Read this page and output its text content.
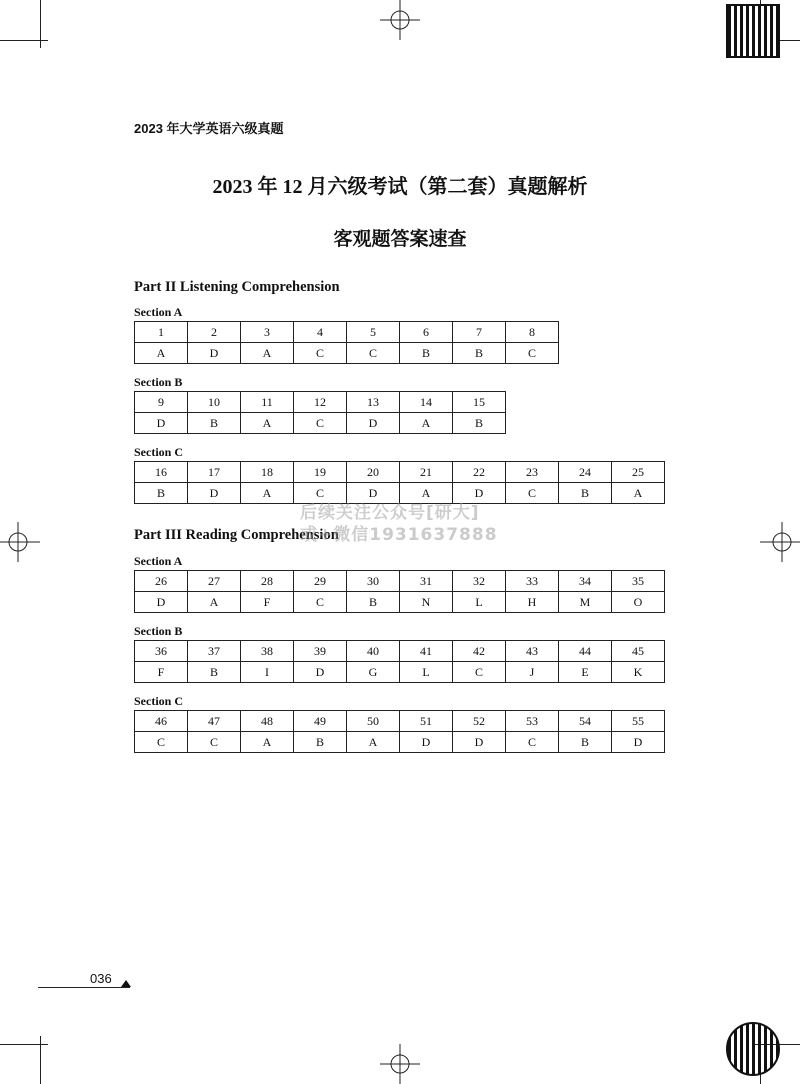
2023 年大学英语六级真题
2023 年 12 月六级考试（第二套）真题解析
客观题答案速查
Part II Listening Comprehension
Section A
1	2	3	4	5	6	7	8
A	D	A	C	C	B	B	C
Section B
9	10	11	12	13	14	15
D	B	A	C	D	A	B
Section C
16	17	18	19	20	21	22	23	24	25
B	D	A	C	D	A	D	C	B	A
Part III Reading Comprehension
Section A
26	27	28	29	30	31	32	33	34	35
D	A	F	C	B	N	L	H	M	O
Section B
36	37	38	39	40	41	42	43	44	45
F	B	I	D	G	L	C	J	E	K
Section C
46	47	48	49	50	51	52	53	54	55
C	C	A	B	A	D	D	C	B	D
后续关注公众号[研大]
或+微信1931637888
036
